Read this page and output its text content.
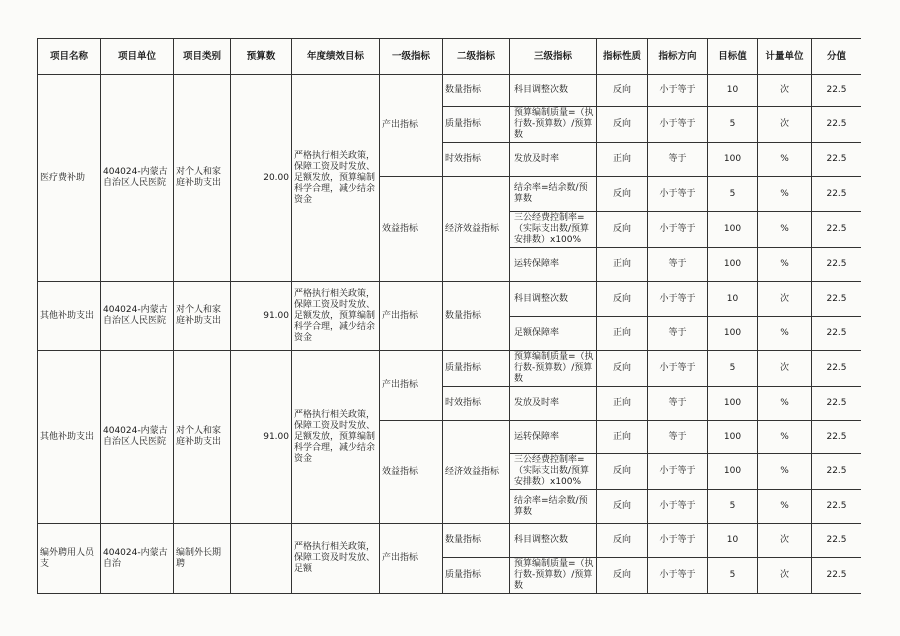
项目名称	项目单位	项目类别	预算数	年度绩效目标	一级指标	二级指标	三级指标	指标性质	指标方向	目标值	计量单位	分值
医疗费补助	404024-内蒙古自治区人民医院	对个人和家庭补助支出	20.00	严格执行相关政策，保障工资及时发放、足额发放，预算编制科学合理，减少结余资金	产出指标	数量指标	科目调整次数	反向	小于等于	10	次	22.5
						质量指标	预算编制质量=（执行数-预算数）/预算数	反向	小于等于	5	次	22.5
						时效指标	发放及时率	正向	等于	100	%	22.5
					效益指标	经济效益指标	结余率=结余数/预算数	反向	小于等于	5	%	22.5
							三公经费控制率=（实际支出数/预算安排数）x100%	反向	小于等于	100	%	22.5
							运转保障率	正向	等于	100	%	22.5
其他补助支出	404024-内蒙古自治区人民医院	对个人和家庭补助支出	91.00	严格执行相关政策，保障工资及时发放、足额发放，预算编制科学合理，减少结余资金	产出指标	数量指标	科目调整次数	反向	小于等于	10	次	22.5
							足额保障率	正向	等于	100	%	22.5
其他补助支出	404024-内蒙古自治区人民医院	对个人和家庭补助支出	91.00	严格执行相关政策，保障工资及时发放、足额发放，预算编制科学合理，减少结余资金	产出指标	质量指标	预算编制质量=（执行数-预算数）/预算数	反向	小于等于	5	次	22.5
						时效指标	发放及时率	正向	等于	100	%	22.5
					效益指标	经济效益指标	运转保障率	正向	等于	100	%	22.5
							三公经费控制率=（实际支出数/预算安排数）x100%	反向	小于等于	100	%	22.5
							结余率=结余数/预算数	反向	小于等于	5	%	22.5
编外聘用人员支	404024-内蒙古自治	编制外长期聘		严格执行相关政策，保障工资及时发放、足额	产出指标	数量指标	科目调整次数	反向	小于等于	10	次	22.5
						质量指标	预算编制质量=（执行数-预算数）/预算数	反向	小于等于	5	次	22.5
